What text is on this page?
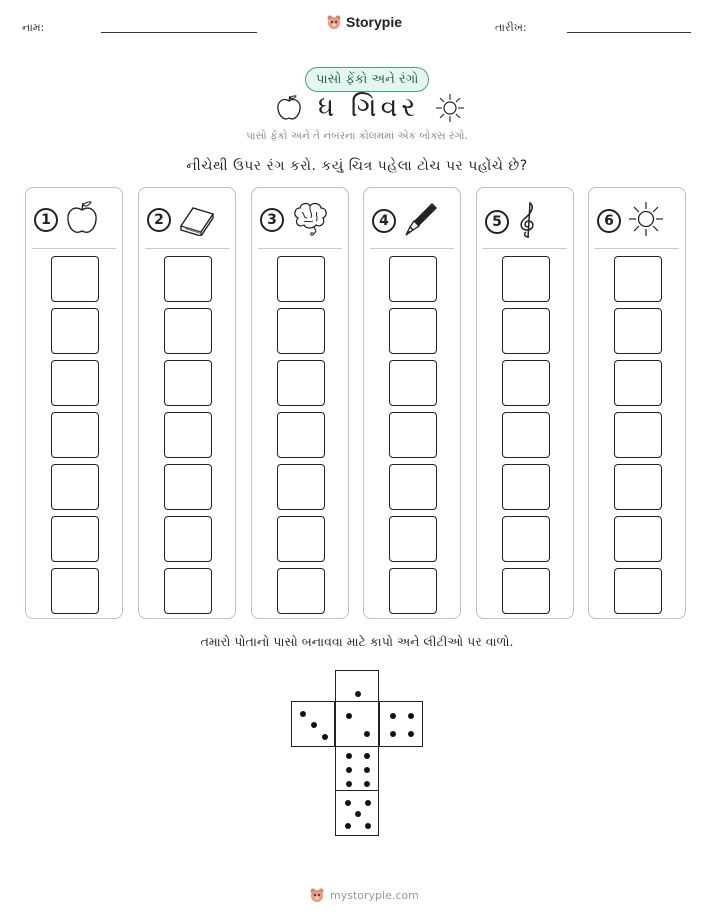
નામ:	Storypie	તારીખ:
પાસો ફેંકો અને રંગો
ધ ગિવર
પાસો ફેંકો અને તે નંબરના કોલમમાં એક બોક્સ રંગો.
નીચેથી ઉપર રંગ કરો. કયું ચિત્ર પહેલા ટોચ પર પહોંચે છે?
1	2	3	4	5	6
તમારો પોતાનો પાસો બનાવવા માટે કાપો અને લીટીઓ પર વાળો.
mystorypie.com
